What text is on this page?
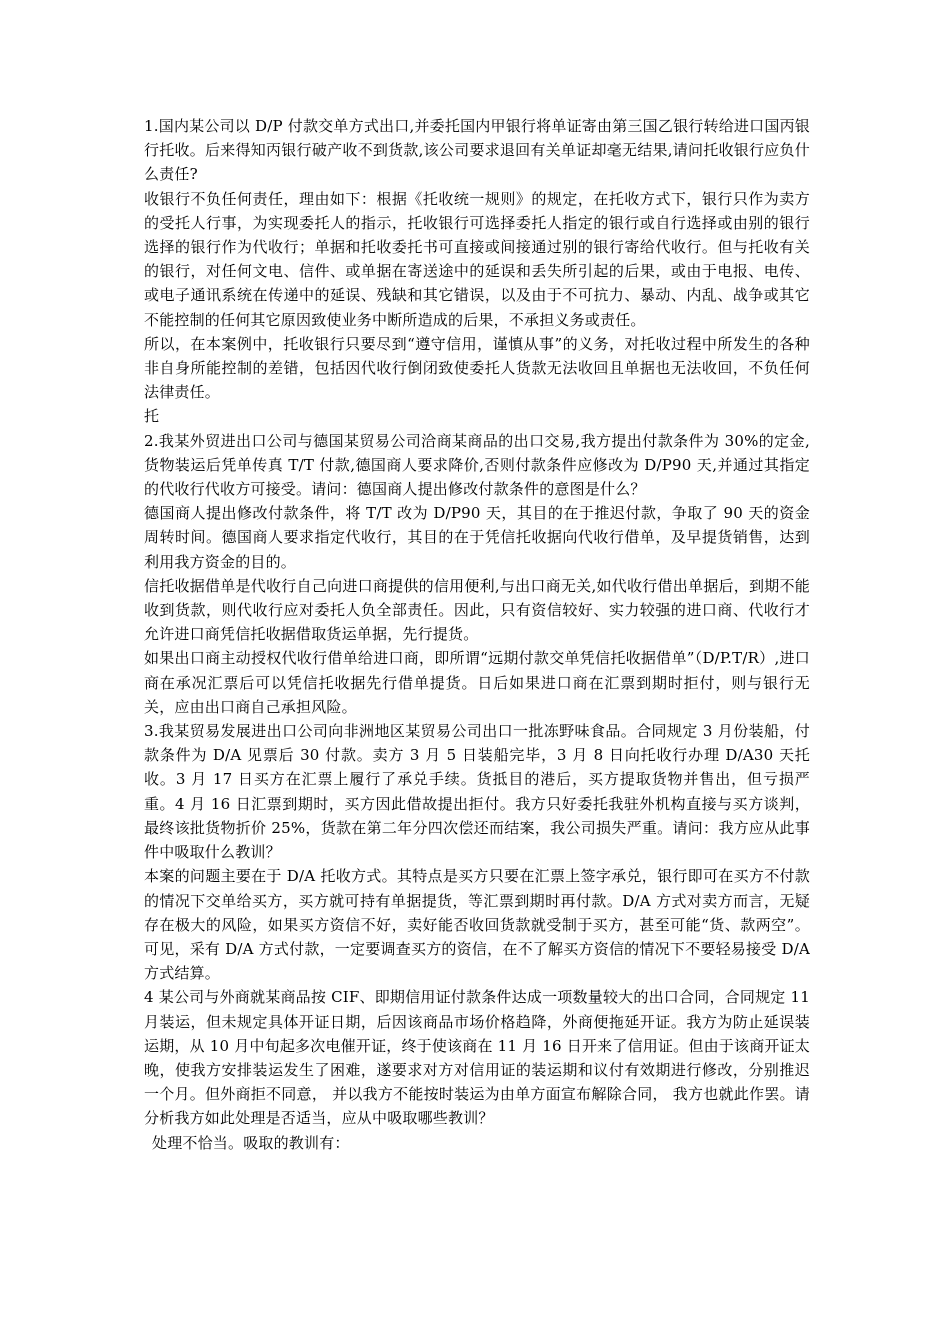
1.国内某公司以 D/P 付款交单方式出口,并委托国内甲银行将单证寄由第三国乙银行转给进口国丙银行托收。后来得知丙银行破产收不到货款,该公司要求退回有关单证却毫无结果,请问托收银行应负什么责任?

收银行不负任何责任，理由如下：根据《托收统一规则》的规定，在托收方式下，银行只作为卖方的受托人行事，为实现委托人的指示，托收银行可选择委托人指定的银行或自行选择或由别的银行选择的银行作为代收行；单据和托收委托书可直接或间接通过别的银行寄给代收行。但与托收有关的银行，对任何文电、信件、或单据在寄送途中的延误和丢失所引起的后果，或由于电报、电传、或电子通讯系统在传递中的延误、残缺和其它错误，以及由于不可抗力、暴动、内乱、战争或其它不能控制的任何其它原因致使业务中断所造成的后果，不承担义务或责任。

所以，在本案例中，托收银行只要尽到“遵守信用，谨慎从事”的义务，对托收过程中所发生的各种非自身所能控制的差错，包括因代收行倒闭致使委托人货款无法收回且单据也无法收回，不负任何法律责任。

托

2.我某外贸进出口公司与德国某贸易公司洽商某商品的出口交易,我方提出付款条件为 30%的定金,货物装运后凭单传真 T/T 付款,德国商人要求降价,否则付款条件应修改为 D/P90 天,并通过其指定的代收行代收方可接受。请问：德国商人提出修改付款条件的意图是什么？

德国商人提出修改付款条件，将 T/T 改为 D/P90 天，其目的在于推迟付款，争取了 90 天的资金周转时间。德国商人要求指定代收行，其目的在于凭信托收据向代收行借单，及早提货销售，达到利用我方资金的目的。

信托收据借单是代收行自己向进口商提供的信用便利,与出口商无关,如代收行借出单据后，到期不能收到货款，则代收行应对委托人负全部责任。因此，只有资信较好、实力较强的进口商、代收行才允许进口商凭信托收据借取货运单据，先行提货。

如果出口商主动授权代收行借单给进口商，即所谓“远期付款交单凭信托收据借单”（D/P.T/R）,进口商在承况汇票后可以凭信托收据先行借单提货。日后如果进口商在汇票到期时拒付，则与银行无关，应由出口商自己承担风险。

3.我某贸易发展进出口公司向非洲地区某贸易公司出口一批冻野味食品。合同规定 3 月份装船，付款条件为 D/A 见票后 30 付款。卖方 3 月 5 日装船完毕，3 月 8 日向托收行办理 D/A30 天托收。3 月 17 日买方在汇票上履行了承兑手续。货抵目的港后，买方提取货物并售出，但亏损严重。4 月 16 日汇票到期时，买方因此借故提出拒付。我方只好委托我驻外机构直接与买方谈判，最终该批货物折价 25%，货款在第二年分四次偿还而结案，我公司损失严重。请问：我方应从此事件中吸取什么教训？

本案的问题主要在于 D/A 托收方式。其特点是买方只要在汇票上签字承兑，银行即可在买方不付款的情况下交单给买方，买方就可持有单据提货，等汇票到期时再付款。D/A 方式对卖方而言，无疑存在极大的风险，如果买方资信不好，卖好能否收回货款就受制于买方，甚至可能“货、款两空”。可见，采有 D/A 方式付款，一定要调查买方的资信，在不了解买方资信的情况下不要轻易接受 D/A 方式结算。

4 某公司与外商就某商品按 CIF、即期信用证付款条件达成一项数量较大的出口合同，合同规定 11 月装运，但未规定具体开证日期，后因该商品市场价格趋降，外商便拖延开证。我方为防止延误装运期，从 10 月中旬起多次电催开证，终于使该商在 11 月 16 日开来了信用证。但由于该商开证太晚，使我方安排装运发生了困难，遂要求对方对信用证的装运期和议付有效期进行修改，分别推迟一个月。但外商拒不同意， 并以我方不能按时装运为由单方面宣布解除合同， 我方也就此作罢。请分析我方如此处理是否适当，应从中吸取哪些教训？

处理不恰当。吸取的教训有：
